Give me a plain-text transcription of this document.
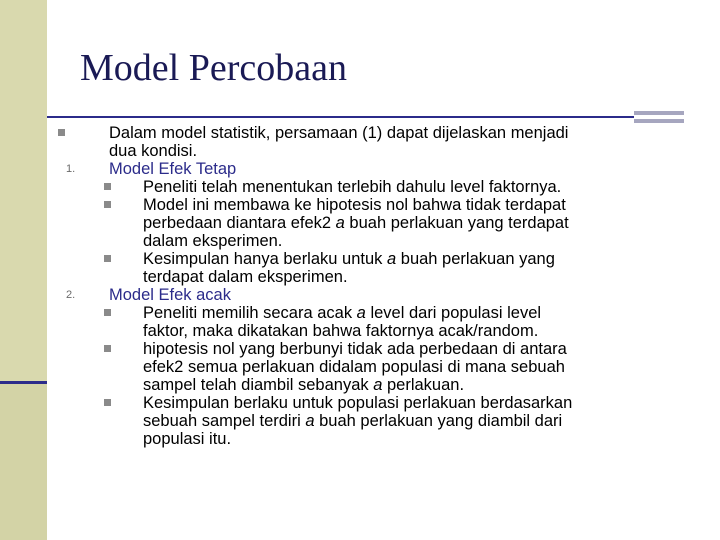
Model Percobaan
Dalam model statistik, persamaan (1) dapat dijelaskan menjadi
dua kondisi.
1. Model Efek Tetap
Peneliti telah menentukan terlebih dahulu level faktornya.
Model ini membawa ke hipotesis nol bahwa tidak terdapat
perbedaan diantara efek2 a buah perlakuan yang terdapat
dalam eksperimen.
Kesimpulan hanya berlaku untuk a buah perlakuan yang
terdapat dalam eksperimen.
2. Model Efek acak
Peneliti memilih secara acak a level dari populasi level
faktor, maka dikatakan bahwa faktornya acak/random.
hipotesis nol yang berbunyi tidak ada perbedaan di antara
efek2 semua perlakuan didalam populasi di mana sebuah
sampel telah diambil sebanyak a perlakuan.
Kesimpulan berlaku untuk populasi perlakuan berdasarkan
sebuah sampel terdiri a buah perlakuan yang diambil dari
populasi itu.
